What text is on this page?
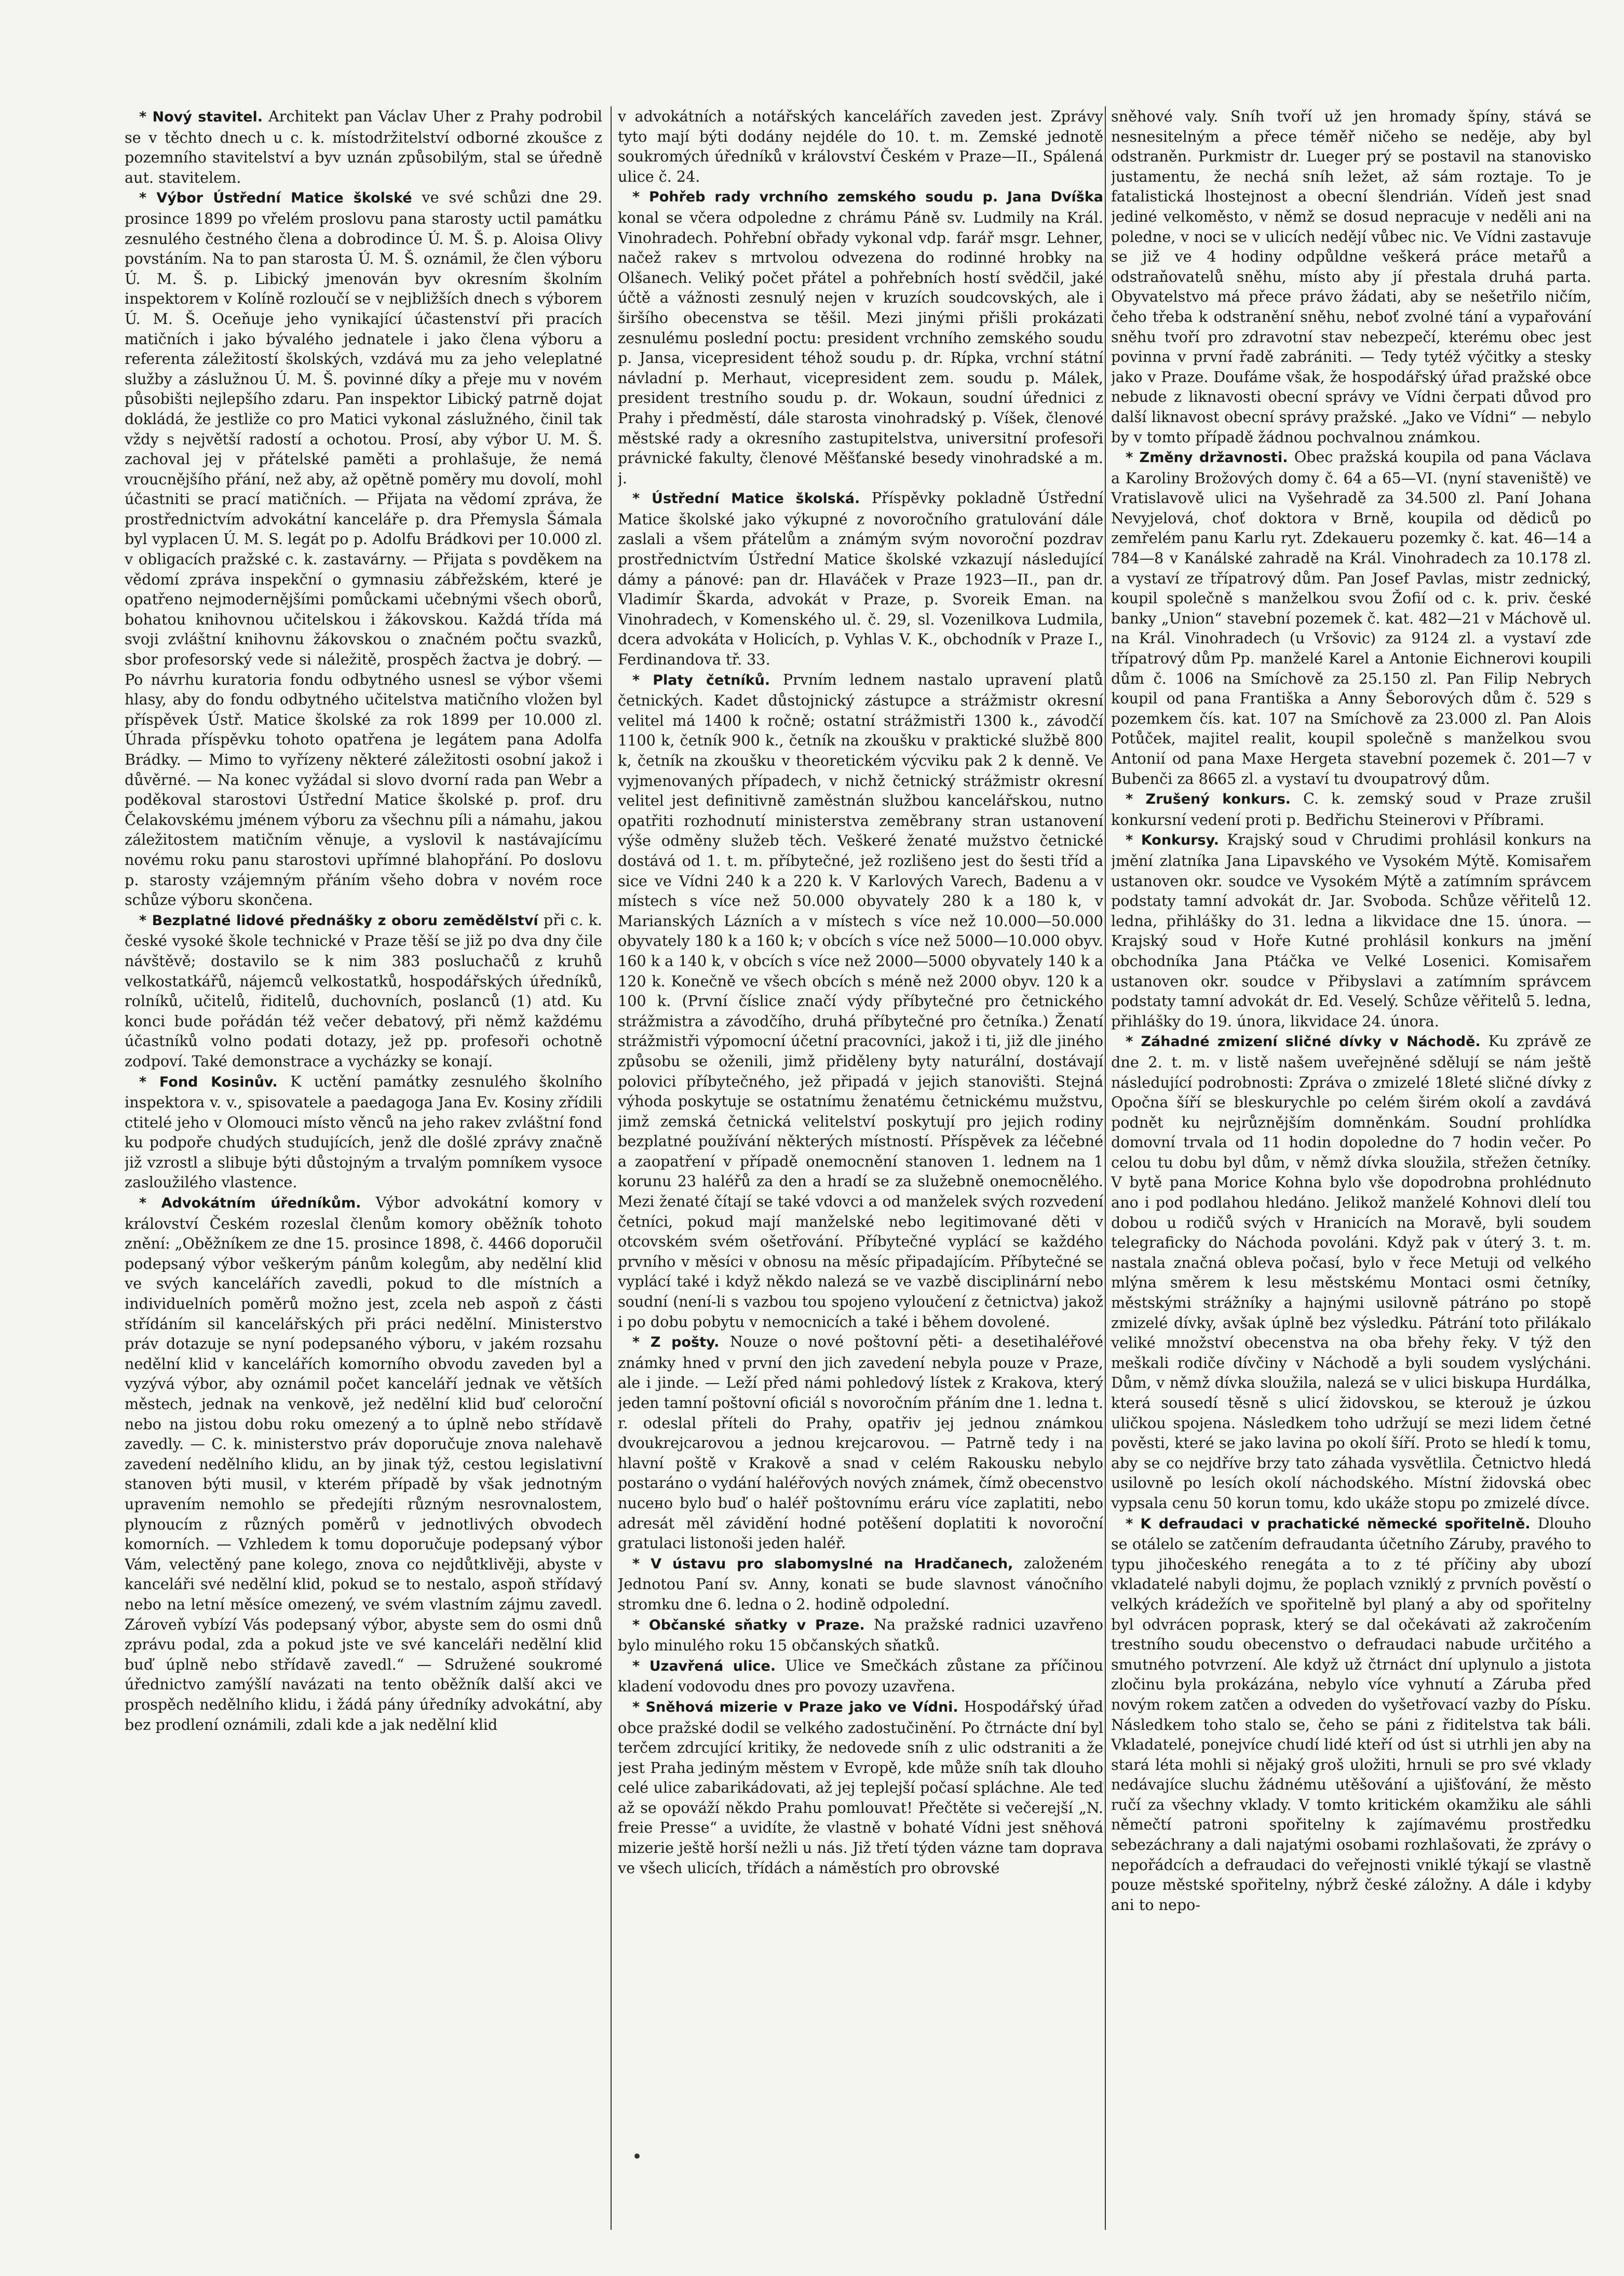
* Nový stavitel. Architekt pan Václav Uher z Prahy podrobil se v těchto dnech u c. k. místodržitelství odborné zkoušce z pozemního stavitelství a byv uznán způsobilým, stal se úředně aut. stavitelem.

* Výbor Ústřední Matice školské ve své schůzi dne 29. prosince 1899 po vřelém proslovu pana starosty uctil památku zesnulého čestného člena a dobrodince Ú. M. Š. p. Aloisa Olivy povstáním. Na to pan starosta Ú. M. Š. oznámil, že člen výboru Ú. M. Š. p. Libický jmenován byv okresním školním inspektorem v Kolíně rozloučí se v nejbližších dnech s výborem Ú. M. Š. Oceňuje jeho vynikající účastenství při pracích matičních i jako bývalého jednatele i jako člena výboru a referenta záležitostí školských, vzdává mu za jeho veleplatné služby a záslužnou Ú. M. Š. povinné díky a přeje mu v novém působišti nejlepšího zdaru. Pan inspektor Libický patrně dojat dokládá, že jestliže co pro Matici vykonal záslužného, činil tak vždy s největší radostí a ochotou. Prosí, aby výbor U. M. Š. zachoval jej v přátelské paměti a prohlašuje, že nemá vroucnějšího přání, než aby, až opětně poměry mu dovolí, mohl účastniti se prací matičních. — Přijata na vědomí zpráva, že prostřednictvím advokátní kanceláře p. dra Přemysla Šámala byl vyplacen Ú. M. S. legát po p. Adolfu Brádkovi per 10.000 zl. v obligacích pražské c. k. zastavárny. — Přijata s povděkem na vědomí zpráva inspekční o gymnasiu zábřežském, které je opatřeno nejmodernějšími pomůckami učebnými všech oborů, bohatou knihovnou učitelskou i žákovskou. Každá třída má svoji zvláštní knihovnu žákovskou o značném počtu svazků, sbor profesorský vede si náležitě, prospěch žactva je dobrý. — Po návrhu kuratoria fondu odbytného usnesl se výbor všemi hlasy, aby do fondu odbytného učitelstva matičního vložen byl příspěvek Ústř. Matice školské za rok 1899 per 10.000 zl. Úhrada příspěvku tohoto opatřena je legátem pana Adolfa Brádky. — Mimo to vyřízeny některé záležitosti osobní jakož i důvěrné. — Na konec vyžádal si slovo dvorní rada pan Webr a poděkoval starostovi Ústřední Matice školské p. prof. dru Čelakovskému jménem výboru za všechnu píli a námahu, jakou záležitostem matičním věnuje, a vyslovil k nastávajícímu novému roku panu starostovi upřímné blahopřání. Po doslovu p. starosty vzájemným přáním všeho dobra v novém roce schůze výboru skončena.

* Bezplatné lidové přednášky z oboru zemědělství při c. k. české vysoké škole technické v Praze těší se již po dva dny čile návštěvě; dostavilo se k nim 383 posluchačů z kruhů velkostatkářů, nájemců velkostatků, hospodářských úředníků, rolníků, učitelů, řiditelů, duchovních, poslanců (1) atd. Ku konci bude pořádán též večer debatový, při němž každému účastníků volno podati dotazy, jež pp. profesoři ochotně zodpoví. Také demonstrace a vycházky se konají.

* Fond Kosinův. K uctění památky zesnulého školního inspektora v. v., spisovatele a paedagoga Jana Ev. Kosiny zřídili ctitelé jeho v Olomouci místo věnců na jeho rakev zvláštní fond ku podpoře chudých studujících, jenž dle došlé zprávy značně již vzrostl a slibuje býti důstojným a trvalým pomníkem vysoce zasloužilého vlastence.

* Advokátním úředníkům. Výbor advokátní komory v království Českém rozeslal členům komory oběžník tohoto znění: „Oběžníkem ze dne 15. prosince 1898, č. 4466 doporučil podepsaný výbor veškerým pánům kolegům, aby nedělní klid ve svých kancelářích zavedli, pokud to dle místních a individuelních poměrů možno jest, zcela neb aspoň z části střídáním sil kancelářských při práci nedělní. Ministerstvo práv dotazuje se nyní podepsaného výboru, v jakém rozsahu nedělní klid v kancelářích komorního obvodu zaveden byl a vyzývá výbor, aby oznámil počet kanceláří jednak ve větších městech, jednak na venkově, jež nedělní klid buď celoroční nebo na jistou dobu roku omezený a to úplně nebo střídavě zavedly. — C. k. ministerstvo práv doporučuje znova nalehavě zavedení nedělního klidu, an by jinak týž, cestou legislativní stanoven býti musil, v kterém případě by však jednotným upravením nemohlo se předejíti různým nesrovnalostem, plynoucím z různých poměrů v jednotlivých obvodech komorních. — Vzhledem k tomu doporučuje podepsaný výbor Vám, velectěný pane kolego, znova co nejdůtklivěji, abyste v kanceláři své nedělní klid, pokud se to nestalo, aspoň střídavý nebo na letní měsíce omezený, ve svém vlastním zájmu zavedl. Zároveň vybízí Vás podepsaný výbor, abyste sem do osmi dnů zprávu podal, zda a pokud jste ve své kanceláři nedělní klid buď úplně nebo střídavě zavedl.“ — Sdružené soukromé úřednictvo zamýšlí navázati na tento oběžník další akci ve prospěch nedělního klidu, i žádá pány úředníky advokátní, aby bez prodlení oznámili, zdali kde a jak nedělní klid

v advokátních a notářských kancelářích zaveden jest. Zprávy tyto mají býti dodány nejdéle do 10. t. m. Zemské jednotě soukromých úředníků v království Českém v Praze—II., Spálená ulice č. 24.

* Pohřeb rady vrchního zemského soudu p. Jana Dvíška konal se včera odpoledne z chrámu Páně sv. Ludmily na Král. Vinohradech. Pohřební obřady vykonal vdp. farář msgr. Lehner, načež rakev s mrtvolou odvezena do rodinné hrobky na Olšanech. Veliký počet přátel a pohřebních hostí svědčil, jaké účtě a vážnosti zesnulý nejen v kruzích soudcovských, ale i širšího obecenstva se těšil. Mezi jinými přišli prokázati zesnulému poslední poctu: president vrchního zemského soudu p. Jansa, vicepresident téhož soudu p. dr. Rípka, vrchní státní návladní p. Merhaut, vicepresident zem. soudu p. Málek, president trestního soudu p. dr. Wokaun, soudní úřednici z Prahy i předměstí, dále starosta vinohradský p. Víšek, členové městské rady a okresního zastupitelstva, universitní profesoři právnické fakulty, členové Měšťanské besedy vinohradské a m. j.

* Ústřední Matice školská. Příspěvky pokladně Ústřední Matice školské jako výkupné z novoročního gratulování dále zaslali a všem přátelům a známým svým novoroční pozdrav prostřednictvím Ústřední Matice školské vzkazují následující dámy a pánové: pan dr. Hlaváček v Praze 1923—II., pan dr. Vladimír Škarda, advokát v Praze, p. Svoreik Eman. na Vinohradech, v Komenského ul. č. 29, sl. Vozenilkova Ludmila, dcera advokáta v Holicích, p. Vyhlas V. K., obchodník v Praze I., Ferdinandova tř. 33.

* Platy četníků. Prvním lednem nastalo upravení platů četnických. Kadet důstojnický zástupce a strážmistr okresní velitel má 1400 k ročně; ostatní strážmistři 1300 k., závodčí 1100 k, četník 900 k., četník na zkoušku v praktické službě 800 k, četník na zkoušku v theoretickém výcviku pak 2 k denně. Ve vyjmenovaných případech, v nichž četnický strážmistr okresní velitel jest definitivně zaměstnán službou kancelářskou, nutno opatřiti rozhodnutí ministerstva zeměbrany stran ustanovení výše odměny služeb těch. Veškeré ženaté mužstvo četnické dostává od 1. t. m. příbytečné, jež rozlišeno jest do šesti tříd a sice ve Vídni 240 k a 220 k. V Karlových Varech, Badenu a v místech s více než 50.000 obyvately 280 k a 180 k, v Marianských Lázních a v místech s více než 10.000—50.000 obyvately 180 k a 160 k; v obcích s více než 5000—10.000 obyv. 160 k a 140 k, v obcích s více než 2000—5000 obyvately 140 k a 120 k. Konečně ve všech obcích s méně než 2000 obyv. 120 k a 100 k. (První číslice značí výdy příbytečné pro četnického strážmistra a závodčího, druhá příbytečné pro četníka.) Ženatí strážmistři výpomocní účetní pracovníci, jakož i ti, již dle jiného způsobu se oženili, jimž přiděleny byty naturální, dostávají polovici příbytečného, jež připadá v jejich stanovišti. Stejná výhoda poskytuje se ostatnímu ženatému četnickému mužstvu, jimž zemská četnická velitelství poskytují pro jejich rodiny bezplatné používání některých místností. Příspěvek za léčebné a zaopatření v případě onemocnění stanoven 1. lednem na 1 korunu 23 haléřů za den a hradí se za služebně onemocnělého. Mezi ženaté čítají se také vdovci a od manželek svých rozvedení četníci, pokud mají manželské nebo legitimované děti v otcovském svém ošetřování. Příbytečné vyplácí se každého prvního v měsíci v obnosu na měsíc připadajícím. Příbytečné se vyplácí také i když někdo nalezá se ve vazbě disciplinární nebo soudní (není-li s vazbou tou spojeno vyloučení z četnictva) jakož i po dobu pobytu v nemocnicích a také i během dovolené.

* Z pošty. Nouze o nové poštovní pěti- a desetihaléřové známky hned v první den jich zavedení nebyla pouze v Praze, ale i jinde. — Leží před námi pohledový lístek z Krakova, který jeden tamní poštovní oficiál s novoročním přáním dne 1. ledna t. r. odeslal příteli do Prahy, opatřiv jej jednou známkou dvoukrejcarovou a jednou krejcarovou. — Patrně tedy i na hlavní poště v Krakově a snad v celém Rakousku nebylo postaráno o vydání haléřových nových známek, čímž obecenstvo nucено bylo buď o haléř poštovnímu eráru více zaplatiti, nebo adresát měl závidění hodné potěšení doplatiti k novoroční gratulaci listonoši jeden haléř.

* V ústavu pro slabomyslné na Hradčanech, založeném Jednotou Paní sv. Anny, konati se bude slavnost vánočního stromku dne 6. ledna o 2. hodině odpolední.

* Občanské sňatky v Praze. Na pražské radnici uzavřeno bylo minulého roku 15 občanských sňatků.

* Uzavřená ulice. Ulice ve Smečkách zůstane za příčinou kladení vodovodu dnes pro povozy uzavřena.

* Sněhová mizerie v Praze jako ve Vídni. Hospodářský úřad obce pražské dodil se velkého zadostučinění. Po čtrnácte dní byl terčem zdrcující kritiky, že nedovede sníh z ulic odstraniti a že jest Praha jediným městem v Evropě, kde může sníh tak dlouho celé ulice zabarikádovati, až jej teplejší počasí spláchne. Ale teď až se opováží někdo Prahu pomlouvat! Přečtěte si večerejší „N. freie Presse“ a uvidíte, že vlastně v bohaté Vídni jest sněhová mizerie ještě horší nežli u nás. Již třetí týden vázne tam doprava ve všech ulicích, třídách a náměstích pro obrovské

sněhové valy. Sníh tvoří už jen hromady špíny, stává se nesnesitelným a přece téměř ničeho se neděje, aby byl odstraněn. Purkmistr dr. Lueger prý se postavil na stanovisko justamentu, že nechá sníh ležet, až sám roztaje. To je fatalistická lhostejnost a obecní šlendrián. Vídeň jest snad jediné velkoměsto, v němž se dosud nepracuje v neděli ani na poledne, v noci se v ulicích nedějí vůbec nic. Ve Vídni zastavuje se již ve 4 hodiny odpůldne veškerá práce metařů a odstraňovatelů sněhu, místo aby jí přestala druhá parta. Obyvatelstvo má přece právo žádati, aby se nešetřilo ničím, čeho třeba k odstranění sněhu, neboť zvolné tání a vypařování sněhu tvoří pro zdravotní stav nebezpečí, kterému obec jest povinna v první řadě zabrániti. — Tedy tytéž výčitky a stesky jako v Praze. Doufáme však, že hospodářský úřad pražské obce nebude z liknavosti obecní správy ve Vídni čerpati důvod pro další liknavost obecní správy pražské. „Jako ve Vídni“ — nebylo by v tomto případě žádnou pochvalnou známkou.

* Změny državnosti. Obec pražská koupila od pana Václava a Karoliny Brožových domy č. 64 a 65—VI. (nyní staveniště) ve Vratislavově ulici na Vyšehradě za 34.500 zl. Paní Johana Nevyjelová, choť doktora v Brně, koupila od dědiců po zemřelém panu Karlu ryt. Zdekaueru pozemky č. kat. 46—14 a 784—8 v Kanálské zahradě na Král. Vinohradech za 10.178 zl. a vystaví ze třípatrový dům. Pan Josef Pavlas, mistr zednický, koupil společně s manželkou svou Žofií od c. k. priv. české banky „Union“ stavební pozemek č. kat. 482—21 v Máchově ul. na Král. Vinohradech (u Vršovic) za 9124 zl. a vystaví zde třípatrový dům Pp. manželé Karel a Antonie Eichnerovi koupili dům č. 1006 na Smíchově za 25.150 zl. Pan Filip Nebrych koupil od pana Františka a Anny Šeborových dům č. 529 s pozemkem čís. kat. 107 na Smíchově za 23.000 zl. Pan Alois Potůček, majitel realit, koupil společně s manželkou svou Antonií od pana Maxe Hergeta stavební pozemek č. 201—7 v Bubenči za 8665 zl. a vystaví tu dvoupatrový dům.

* Zrušený konkurs. C. k. zemský soud v Praze zrušil konkursní vedení proti p. Bedřichu Steinerovi v Příbrami.

* Konkursy. Krajský soud v Chrudimi prohlásil konkurs na jmění zlatníka Jana Lipavského ve Vysokém Mýtě. Komisařem ustanoven okr. soudce ve Vysokém Mýtě a zatímním správcem podstaty tamní advokát dr. Jar. Svoboda. Schůze věřitelů 12. ledna, přihlášky do 31. ledna a likvidace dne 15. února. — Krajský soud v Hoře Kutné prohlásil konkurs na jmění obchodníka Jana Ptáčka ve Velké Losenici. Komisařem ustanoven okr. soudce v Přibyslavi a zatímním správcem podstaty tamní advokát dr. Ed. Veselý. Schůze věřitelů 5. ledna, přihlášky do 19. února, likvidace 24. února.

* Záhadné zmizení sličné dívky v Náchodě. Ku zprávě ze dne 2. t. m. v listě našem uveřejněné sdělují se nám ještě následující podrobnosti: Zpráva o zmizelé 18leté sličné dívky z Opočna šíří se bleskurychle po celém širém okolí a zavdává podnět ku nejrůznějším domněnkám. Soudní prohlídka domovní trvala od 11 hodin dopoledne do 7 hodin večer. Po celou tu dobu byl dům, v němž dívka sloužila, střežen četníky. V bytě pana Morice Kohna bylo vše dopodrobna prohlédnuto ano i pod podlahou hledáno. Jelikož manželé Kohnovi dlelí tou dobou u rodičů svých v Hranicích na Moravě, byli soudem telegraficky do Náchoda povoláni. Když pak v úterý 3. t. m. nastala značná obleva počasí, bylo v řece Metuji od velkého mlýna směrem k lesu městskému Montaci osmi četníky, městskými strážníky a hajnými usilovně pátráno po stopě zmizelé dívky, avšak úplně bez výsledku. Pátrání toto přilákalo veliké množství obecenstva na oba břehy řeky. V týž den meškali rodiče dívčiny v Náchodě a byli soudem vyslýcháni. Dům, v němž dívka sloužila, nalezá se v ulici biskupa Hurdálka, která sousedí těsně s ulicí židovskou, se kterouž je úzkou uličkou spojena. Následkem toho udržují se mezi lidem četné pověsti, které se jako lavina po okolí šíří. Proto se hledí k tomu, aby se co nejdříve brzy tato záhada vysvětlila. Četnictvo hledá usilovně po lesích okolí náchodského. Místní židovská obec vypsala cenu 50 korun tomu, kdo ukáže stopu po zmizelé dívce.

* K defraudaci v prachatické německé spořitelně. Dlouho se otálelo se zatčením defraudanta účetního Záruby, pravého to typu jihočeského renegáta a to z té příčiny aby ubozí vkladatelé nabyli dojmu, že poplach vzniklý z prvních pověstí o velkých krádežích ve spořitelně byl planý a aby od spořitelny byl odvrácen poprask, který se dal očekávati až zakročením trestního soudu obecenstvo o defraudaci nabude určitého a smutného potvrzení. Ale když už čtrnáct dní uplynulo a jistota zločinu byla prokázána, nebylo více vyhnutí a Záruba před novým rokem zatčen a odveden do vyšetřovací vazby do Písku. Následkem toho stalo se, čeho se páni z řiditelstva tak báli. Vkladatelé, ponejvíce chudí lidé kteří od úst si utrhli jen aby na stará léta mohli si nějaký groš uložiti, hrnuli se pro své vklady nedávajíce sluchu žádnému utěšování a ujišťování, že město ručí za všechny vklady. V tomto kritickém okamžiku ale sáhli němečtí patroni spořitelny k zajímavému prostředku sebezáchrany a dali najatými osobami rozhlašovati, že zprávy o nepořádcích a defraudaci do veřejnosti vniklé týkají se vlastně pouze městské spořitelny, nýbrž české záložny. A dále i kdyby ani to nepo-
